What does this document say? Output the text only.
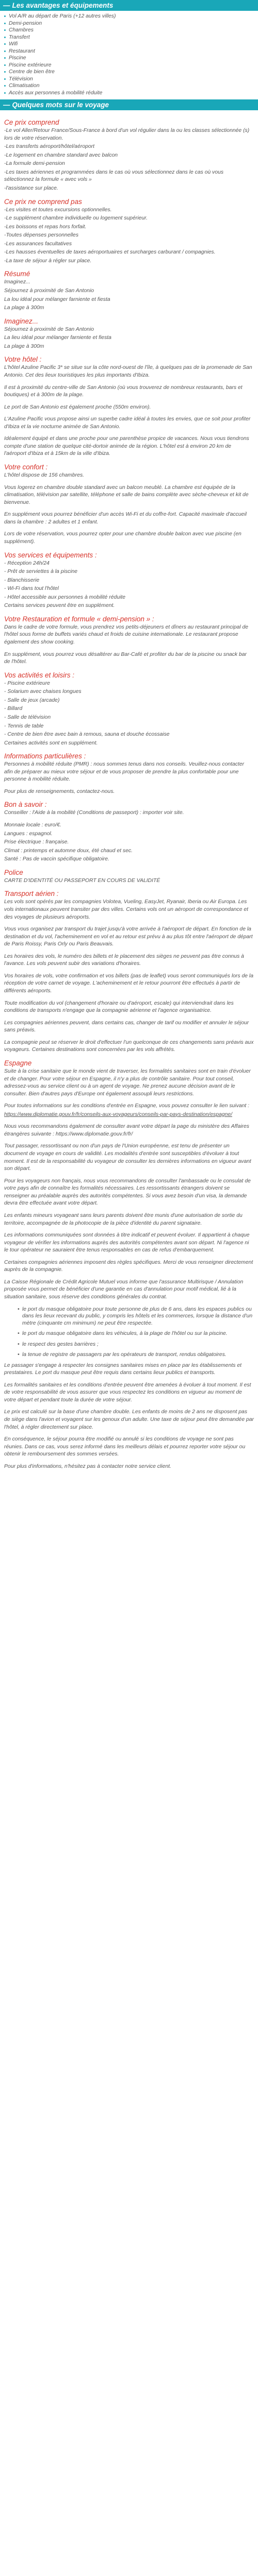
— Les avantages et équipements
Vol A/R au départ de Paris (+12 autres villes)
Demi-pension
Chambres
Transfert
Wifi
Restaurant
Piscine
Piscine extérieure
Centre de bien être
Télévision
Climatisation
Accès aux personnes à mobilité réduite
— Quelques mots sur le voyage
Ce prix comprend

-Le vol Aller/Retour France/Sous-France à bord d'un vol régulier dans la ou les classes sélectionnée (s) lors de votre réservation.

-Les transferts aéroport/hôtel/aéroport

-Le logement en chambre standard avec balcon

-La formule demi-pension

-Les taxes aériennes et programmées dans le cas où vous sélectionnez dans le cas où vous sélectionnez la formule « avec vols »

-l'assistance sur place.

Ce prix ne comprend pas

-Les visites et toutes excursions optionnelles.

-Le supplément chambre individuelle ou logement supérieur.

-Les boissons et repas hors forfait.

-Toutes dépenses personnelles

-Les assurances facultatives

-Les hausses éventuelles de taxes aéroportuaires et surcharges carburant / compagnies.

-La taxe de séjour à régler sur place.

Résumé

Imaginez...

Séjournez à proximité de San Antonio

La lou idéal pour mélanger farniente et fiesta

La plage à 300m

Imaginez...

Séjournez à proximité de San Antonio

La lieu idéal pour mélanger farniente et fiesta

La plage à 300m

Votre hôtel :

L'hôtel Azuline Pacific 3* se situe sur la côte nord-ouest de l'île, à quelques pas de la promenade de San Antonio. Cet des lieux touristiques les plus importants d'Ibiza.

Il est à proximité du centre-ville de San Antonio (où vous trouverez de nombreux restaurants, bars et boutiques) et à 300m de la plage.

Le port de San Antonio est également proche (550m environ).

L'Azuline Pacific vous propose ainsi un superbe cadre idéal à toutes les envies, que ce soit pour profiter d'Ibiza et la vie nocturne animée de San Antonio.

Idéalement équipé et dans une proche pour une parenthèse propice de vacances. Nous vous tiendrons compte d'une station de quelque cité-dortoir animée de la région. L'hôtel est à environ 20 km de l'aéroport d'Ibiza et à 15km de la ville d'Ibiza.

Votre confort :

L'hôtel dispose de 156 chambres.

Vous logerez en chambre double standard avec un balcon meublé. La chambre est équipée de la climatisation, télévision par satellite, téléphone et salle de bains complète avec sèche-cheveux et kit de bienvenue.

En supplément vous pourrez bénéficier d'un accès Wi-Fi et du coffre-fort. Capacité maximale d'accueil dans la chambre : 2 adultes et 1 enfant.

Lors de votre réservation, vous pourrez opter pour une chambre double balcon avec vue piscine (en supplément).

Vos services et équipements :

- Réception 24h/24

- Prêt de serviettes à la piscine

- Blanchisserie

- Wi-Fi dans tout l'hôtel

- Hôtel accessible aux personnes à mobilité réduite

Certains services peuvent être en supplément.

Votre Restauration et formule « demi-pension » :

Dans le cadre de votre formule, vous prendrez vos petits-déjeuners et dîners au restaurant principal de l'hôtel sous forme de buffets variés chaud et froids de cuisine internationale. Le restaurant propose également des show cooking.

En supplément, vous pourrez vous désaltérer au Bar-Café et profiter du bar de la piscine ou snack bar de l'hôtel.

Vos activités et loisirs :

- Piscine extérieure

- Solarium avec chaises longues

- Salle de jeux (arcade)

- Billard

- Salle de télévision

- Tennis de table

- Centre de bien être avec bain à remous, sauna et douche écossaise

Certaines activités sont en supplément.

Informations particulières :

Personnes à mobilité réduite (PMR) : nous sommes tenus dans nos conseils. Veuillez-nous contacter afin de préparer au mieux votre séjour et de vous proposer de prendre la plus confortable pour une personne à mobilité réduite.

Pour plus de renseignements, contactez-nous.

Bon à savoir :

Conseiller : l'Aide à la mobilité (Conditions de passeport) : importer voir site.

Monnaie locale : euro/€.

Langues : espagnol.

Prise électrique : française.

Climat : printemps et automne doux, été chaud et sec.

Santé : Pas de vaccin spécifique obligatoire.

Police

CARTE D'IDENTITÉ OU PASSEPORT EN COURS DE VALIDITÉ

Transport aérien :

Les vols sont opérés par les compagnies Volotea, Vueling, EasyJet, Ryanair, Iberia ou Air Europa. Les vols internationaux peuvent transiter par des villes. Certains vols ont un aéroport de correspondance et des voyages de plusieurs aéroports.

Vous vous organisez par transport du trajet jusqu'à votre arrivée à l'aéroport de départ. En fonction de la destination et du vol, l'acheminement en vol et au retour est prévu à au plus tôt entre l'aéroport de départ de Paris Roissy, Paris Orly ou Paris Beauvais.

Les horaires des vols, le numéro des billets et le placement des sièges ne peuvent pas être connus à l'avance. Les vols peuvent subir des variations d'horaires.

Vos horaires de vols, votre confirmation et vos billets (pas de leaflet) vous seront communiqués lors de la réception de votre carnet de voyage. L'acheminement et le retour pourront être effectués à partir de différents aéroports.

Toute modification du vol (changement d'horaire ou d'aéroport, escale) qui interviendrait dans les conditions de transports n'engage que la compagnie aérienne et l'agence organisatrice.

Les compagnies aériennes peuvent, dans certains cas, changer de tarif ou modifier et annuler le séjour sans préavis.

La compagnie peut se réserver le droit d'effectuer l'un quelconque de ces changements sans préavis aux voyageurs. Certaines destinations sont concernées par les vols affrétés.

Espagne

Suite à la crise sanitaire que le monde vient de traverser, les formalités sanitaires sont en train d'évoluer et de changer. Pour votre séjour en Espagne, il n'y a plus de contrôle sanitaire. Pour tout conseil, adressez-vous au service client ou à un agent de voyage. Ne prenez aucune décision avant de le consulter. Bien d'autres pays d'Europe ont également assoupli leurs restrictions.

Pour toutes informations sur les conditions d'entrée en Espagne, vous pouvez consulter le lien suivant :

https://www.diplomatie.gouv.fr/fr/conseils-aux-voyageurs/conseils-par-pays-destination/espagne/

Nous vous recommandons également de consulter avant votre départ la page du ministère des Affaires étrangères suivante : https://www.diplomatie.gouv.fr/fr/

Tout passager, ressortissant ou non d'un pays de l'Union européenne, est tenu de présenter un document de voyage en cours de validité. Les modalités d'entrée sont susceptibles d'évoluer à tout moment. Il est de la responsabilité du voyageur de consulter les dernières informations en vigueur avant son départ.

Pour les voyageurs non français, nous vous recommandons de consulter l'ambassade ou le consulat de votre pays afin de connaître les formalités nécessaires. Les ressortissants étrangers doivent se renseigner au préalable auprès des autorités compétentes. Si vous avez besoin d'un visa, la demande devra être effectuée avant votre départ.

Les enfants mineurs voyageant sans leurs parents doivent être munis d'une autorisation de sortie du territoire, accompagnée de la photocopie de la pièce d'identité du parent signataire.

Les informations communiquées sont données à titre indicatif et peuvent évoluer. Il appartient à chaque voyageur de vérifier les informations auprès des autorités compétentes avant son départ. Ni l'agence ni le tour opérateur ne sauraient être tenus responsables en cas de refus d'embarquement.

Certaines compagnies aériennes imposent des règles spécifiques. Merci de vous renseigner directement auprès de la compagnie.

La Caisse Régionale de Crédit Agricole Mutuel vous informe que l'assurance Multirisque / Annulation proposée vous permet de bénéficier d'une garantie en cas d'annulation pour motif médical, lié à la situation sanitaire, sous réserve des conditions générales du contrat.

• le port du masque obligatoire pour toute personne de plus de 6 ans, dans les espaces publics ou dans les lieux recevant du public, y compris les hôtels et les commerces, lorsque la distance d'un mètre (cinquante cm minimum) ne peut être respectée.
• le port du masque obligatoire dans les véhicules, à la plage de l'hôtel ou sur la piscine.
• le respect des gestes barrières ;
• la tenue de registre de passagers par les opérateurs de transport, rendus obligatoires.

Le passager s'engage à respecter les consignes sanitaires mises en place par les établissements et prestataires. Le port du masque peut être requis dans certains lieux publics et transports.

Les formalités sanitaires et les conditions d'entrée peuvent être amenées à évoluer à tout moment. Il est de votre responsabilité de vous assurer que vous respectez les conditions en vigueur au moment de votre départ et pendant toute la durée de votre séjour.

Le prix est calculé sur la base d'une chambre double. Les enfants de moins de 2 ans ne disposent pas de siège dans l'avion et voyagent sur les genoux d'un adulte. Une taxe de séjour peut être demandée par l'hôtel, à régler directement sur place.

En conséquence, le séjour pourra être modifié ou annulé si les conditions de voyage ne sont pas réunies. Dans ce cas, vous serez informé dans les meilleurs délais et pourrez reporter votre séjour ou obtenir le remboursement des sommes versées.

Pour plus d'informations, n'hésitez pas à contacter notre service client.
